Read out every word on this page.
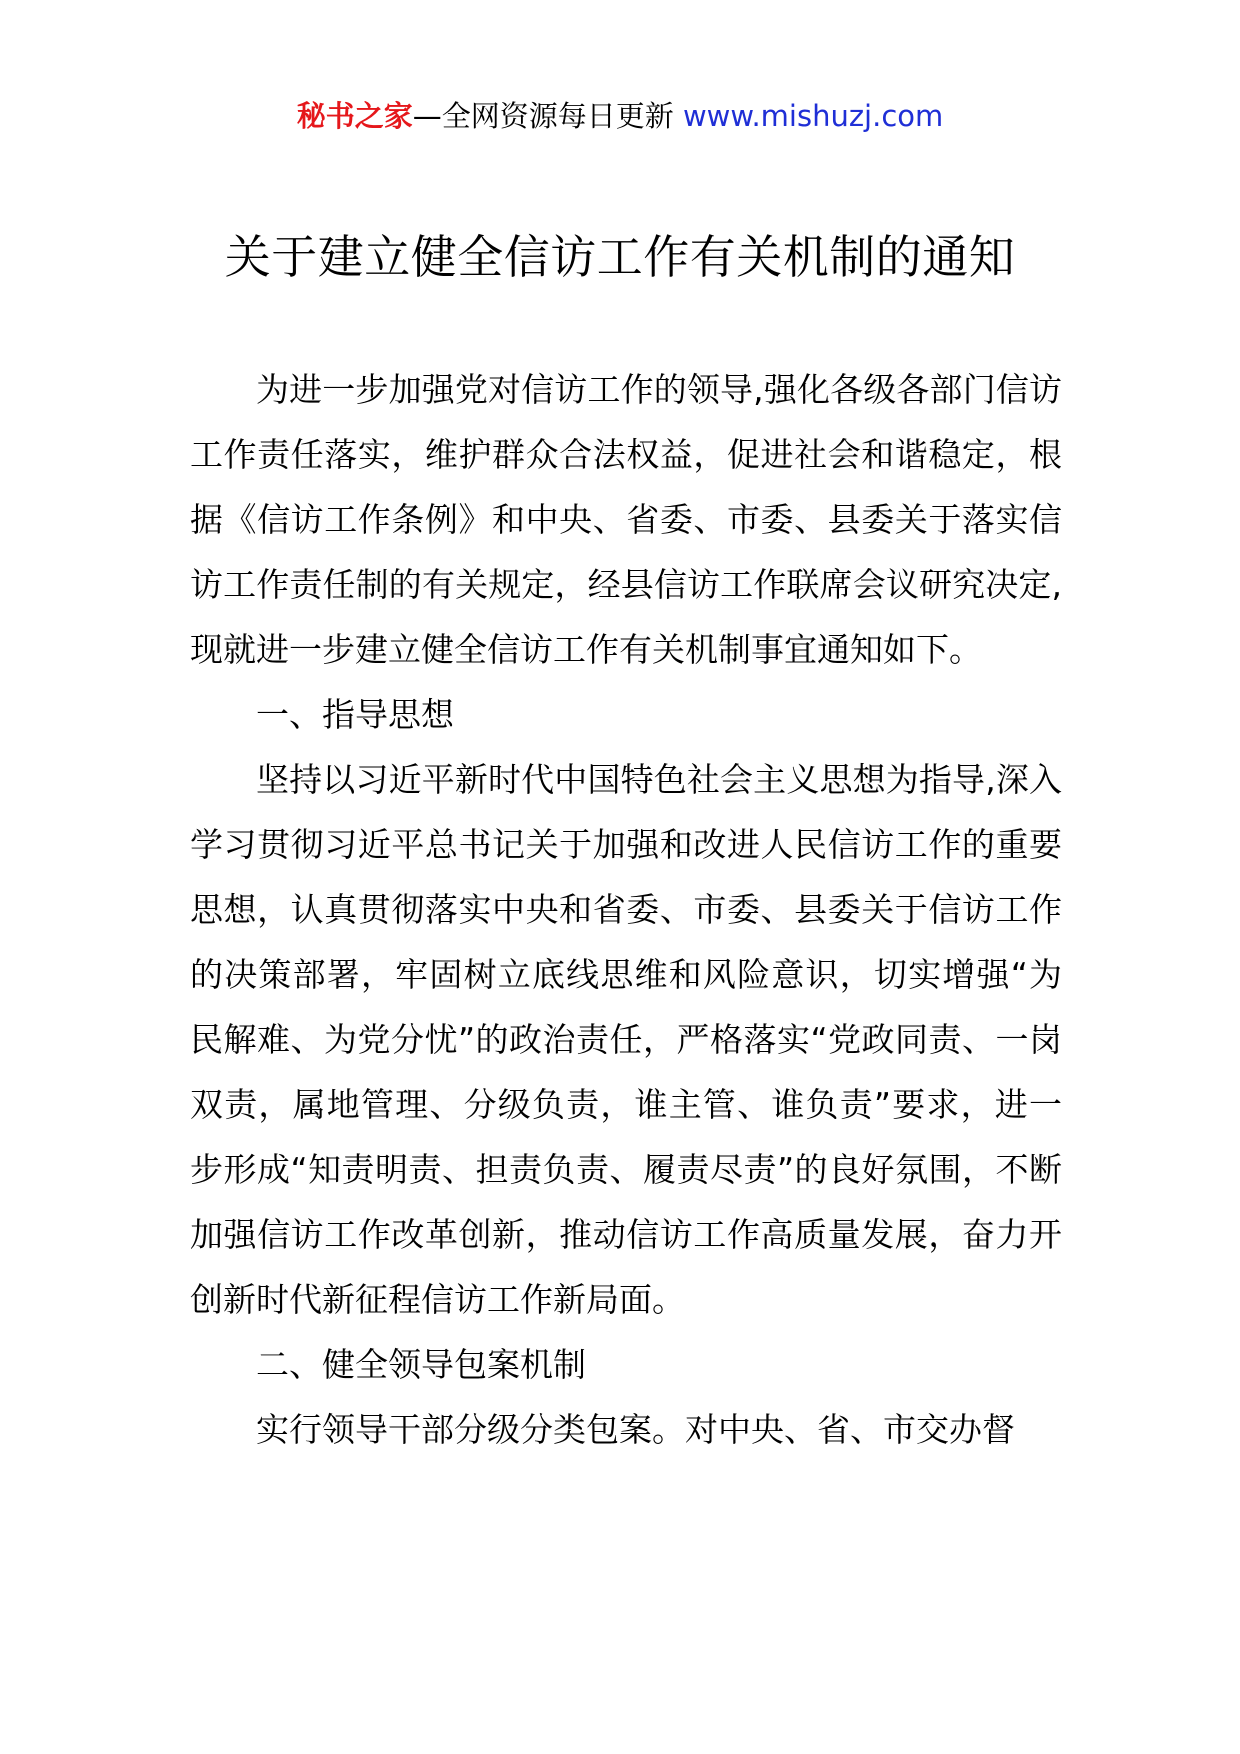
秘书之家—全网资源每日更新 www.mishuzj.com
关于建立健全信访工作有关机制的通知

为进一步加强党对信访工作的领导,强化各级各部门信访工作责任落实，维护群众合法权益，促进社会和谐稳定，根据《信访工作条例》和中央、省委、市委、县委关于落实信访工作责任制的有关规定，经县信访工作联席会议研究决定,现就进一步建立健全信访工作有关机制事宜通知如下。

一、指导思想

坚持以习近平新时代中国特色社会主义思想为指导,深入学习贯彻习近平总书记关于加强和改进人民信访工作的重要思想，认真贯彻落实中央和省委、市委、县委关于信访工作的决策部署，牢固树立底线思维和风险意识，切实增强“为民解难、为党分忧”的政治责任，严格落实“党政同责、一岗双责，属地管理、分级负责，谁主管、谁负责”要求，进一步形成“知责明责、担责负责、履责尽责”的良好氛围，不断加强信访工作改革创新，推动信访工作高质量发展，奋力开创新时代新征程信访工作新局面。

二、健全领导包案机制

实行领导干部分级分类包案。对中央、省、市交办督
